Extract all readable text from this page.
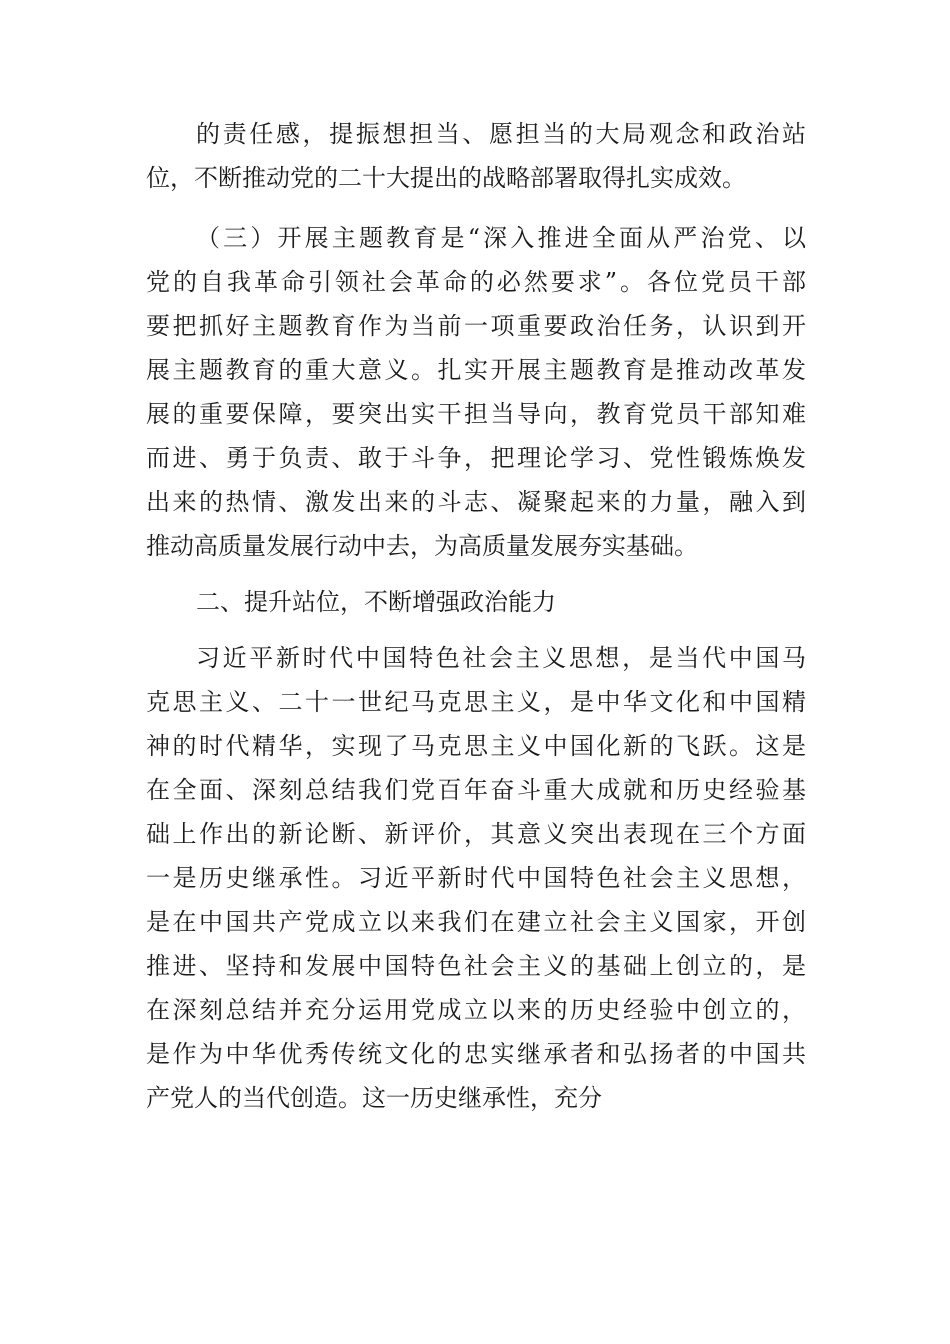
的责任感，提振想担当、愿担当的大局观念和政治站
位，不断推动党的二十大提出的战略部署取得扎实成效。
（三）开展主题教育是“深入推进全面从严治党、以
党的自我革命引领社会革命的必然要求”。各位党员干部
要把抓好主题教育作为当前一项重要政治任务，认识到开
展主题教育的重大意义。扎实开展主题教育是推动改革发
展的重要保障，要突出实干担当导向，教育党员干部知难
而进、勇于负责、敢于斗争，把理论学习、党性锻炼焕发
出来的热情、激发出来的斗志、凝聚起来的力量，融入到
推动高质量发展行动中去，为高质量发展夯实基础。
二、提升站位，不断增强政治能力
习近平新时代中国特色社会主义思想，是当代中国马
克思主义、二十一世纪马克思主义，是中华文化和中国精
神的时代精华，实现了马克思主义中国化新的飞跃。这是
在全面、深刻总结我们党百年奋斗重大成就和历史经验基
础上作出的新论断、新评价，其意义突出表现在三个方面
一是历史继承性。习近平新时代中国特色社会主义思想，
是在中国共产党成立以来我们在建立社会主义国家，开创
推进、坚持和发展中国特色社会主义的基础上创立的，是
在深刻总结并充分运用党成立以来的历史经验中创立的，
是作为中华优秀传统文化的忠实继承者和弘扬者的中国共
产党人的当代创造。这一历史继承性，充分
